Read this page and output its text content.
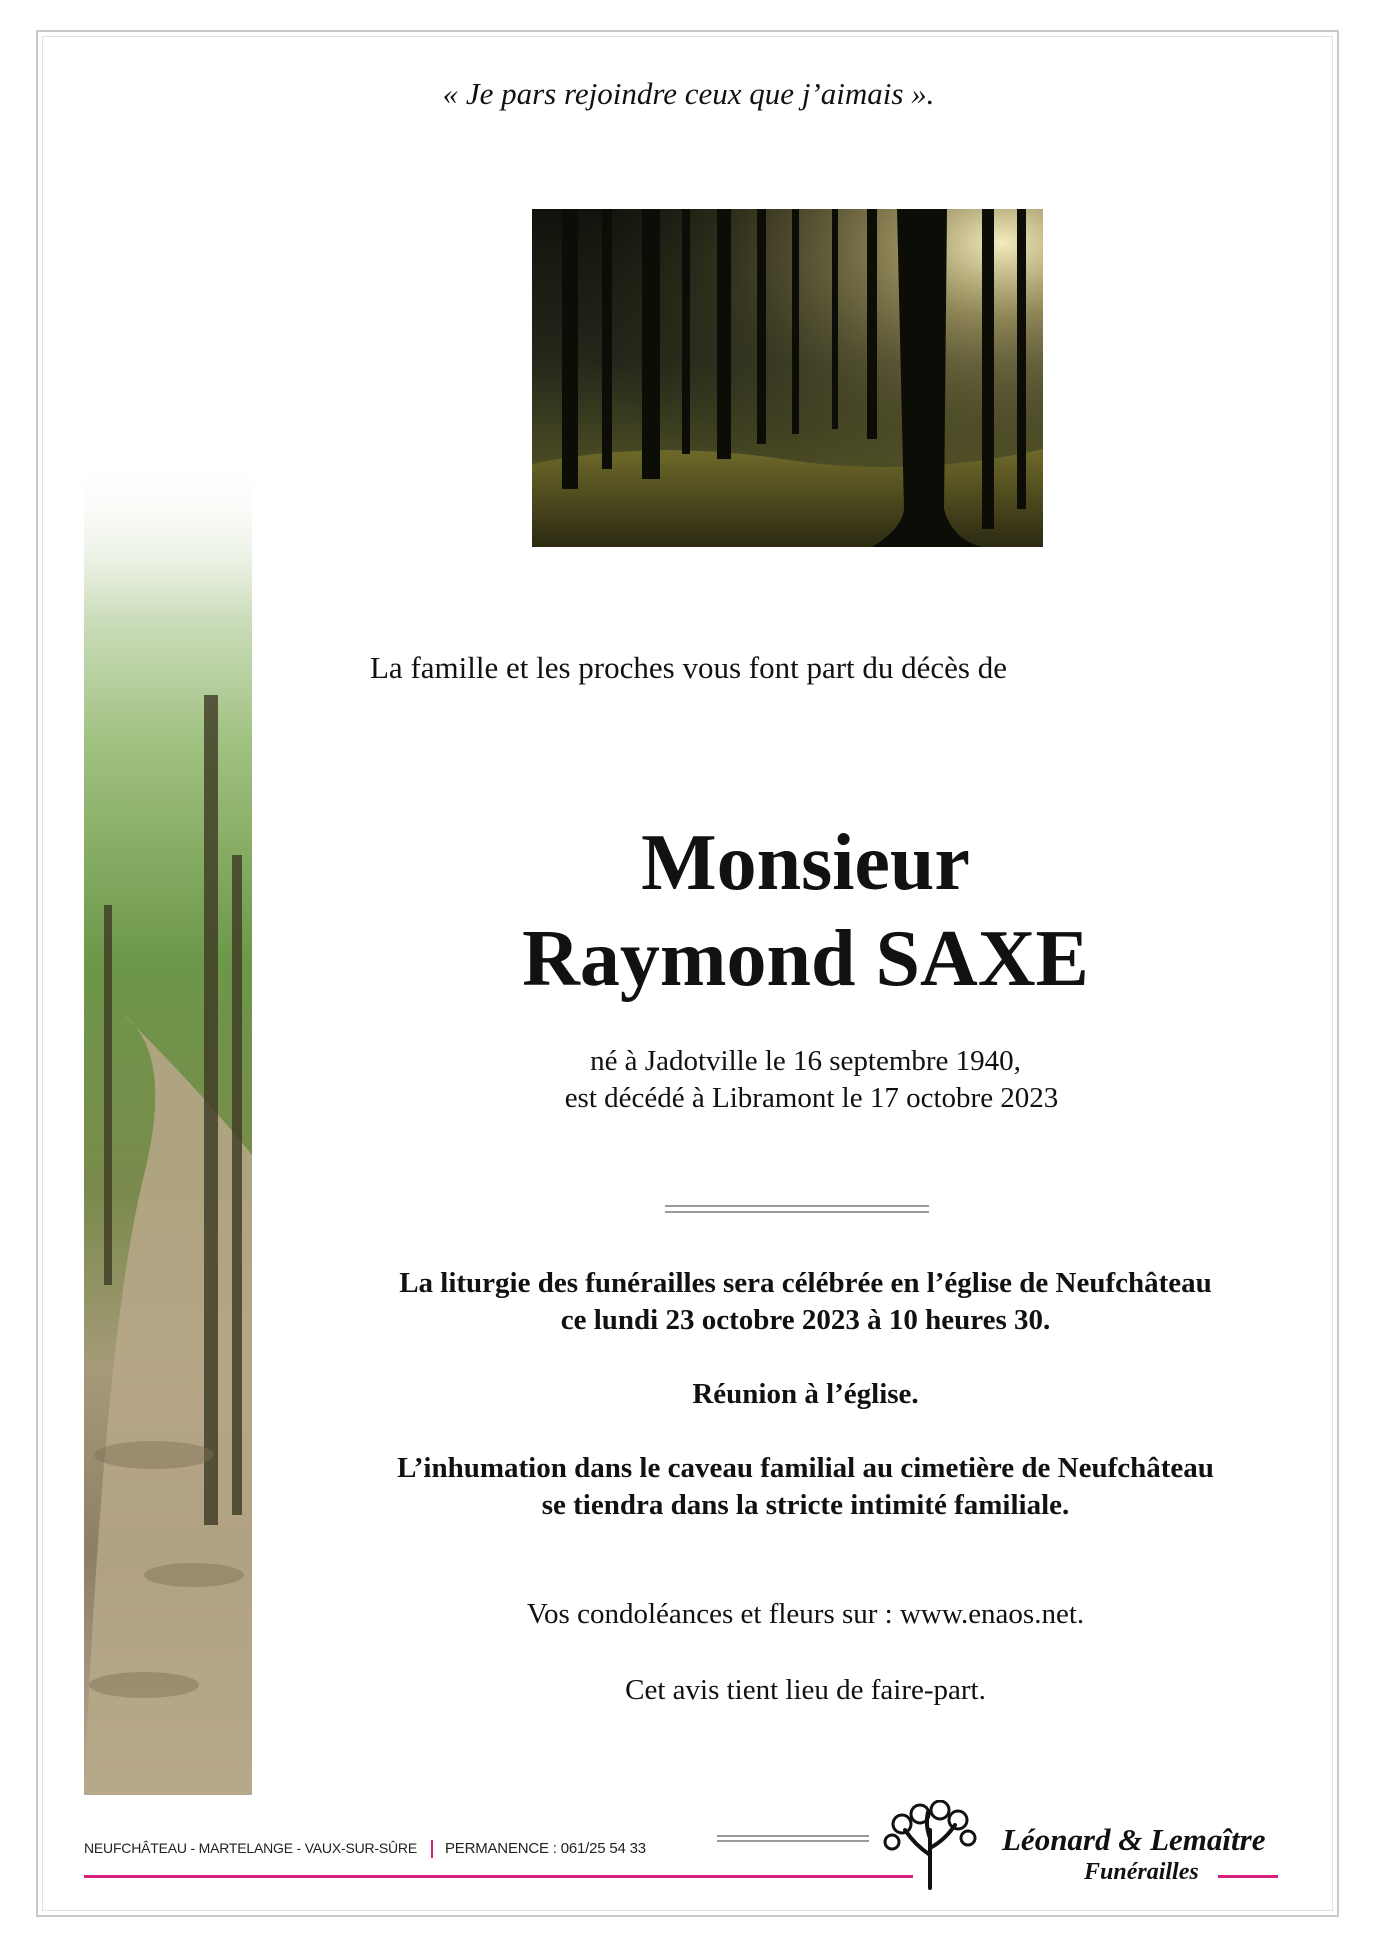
« Je pars rejoindre ceux que j’aimais ».
La famille et les proches vous font part du décès de
Monsieur
Raymond SAXE
né à Jadotville le 16 septembre 1940,
est décédé à Libramont le 17 octobre 2023

La liturgie des funérailles sera célébrée en l’église de Neufchâteau
ce lundi 23 octobre 2023 à 10 heures 30.

Réunion à l’église.

L’inhumation dans le caveau familial au cimetière de Neufchâteau
se tiendra dans la stricte intimité familiale.

Vos condoléances et fleurs sur : www.enaos.net.
Cet avis tient lieu de faire-part.
NEUFCHÂTEAU - MARTELANGE - VAUX-SUR-SÛRE PERMANENCE : 061/25 54 33	Léonard & Lemaître
Funérailles
